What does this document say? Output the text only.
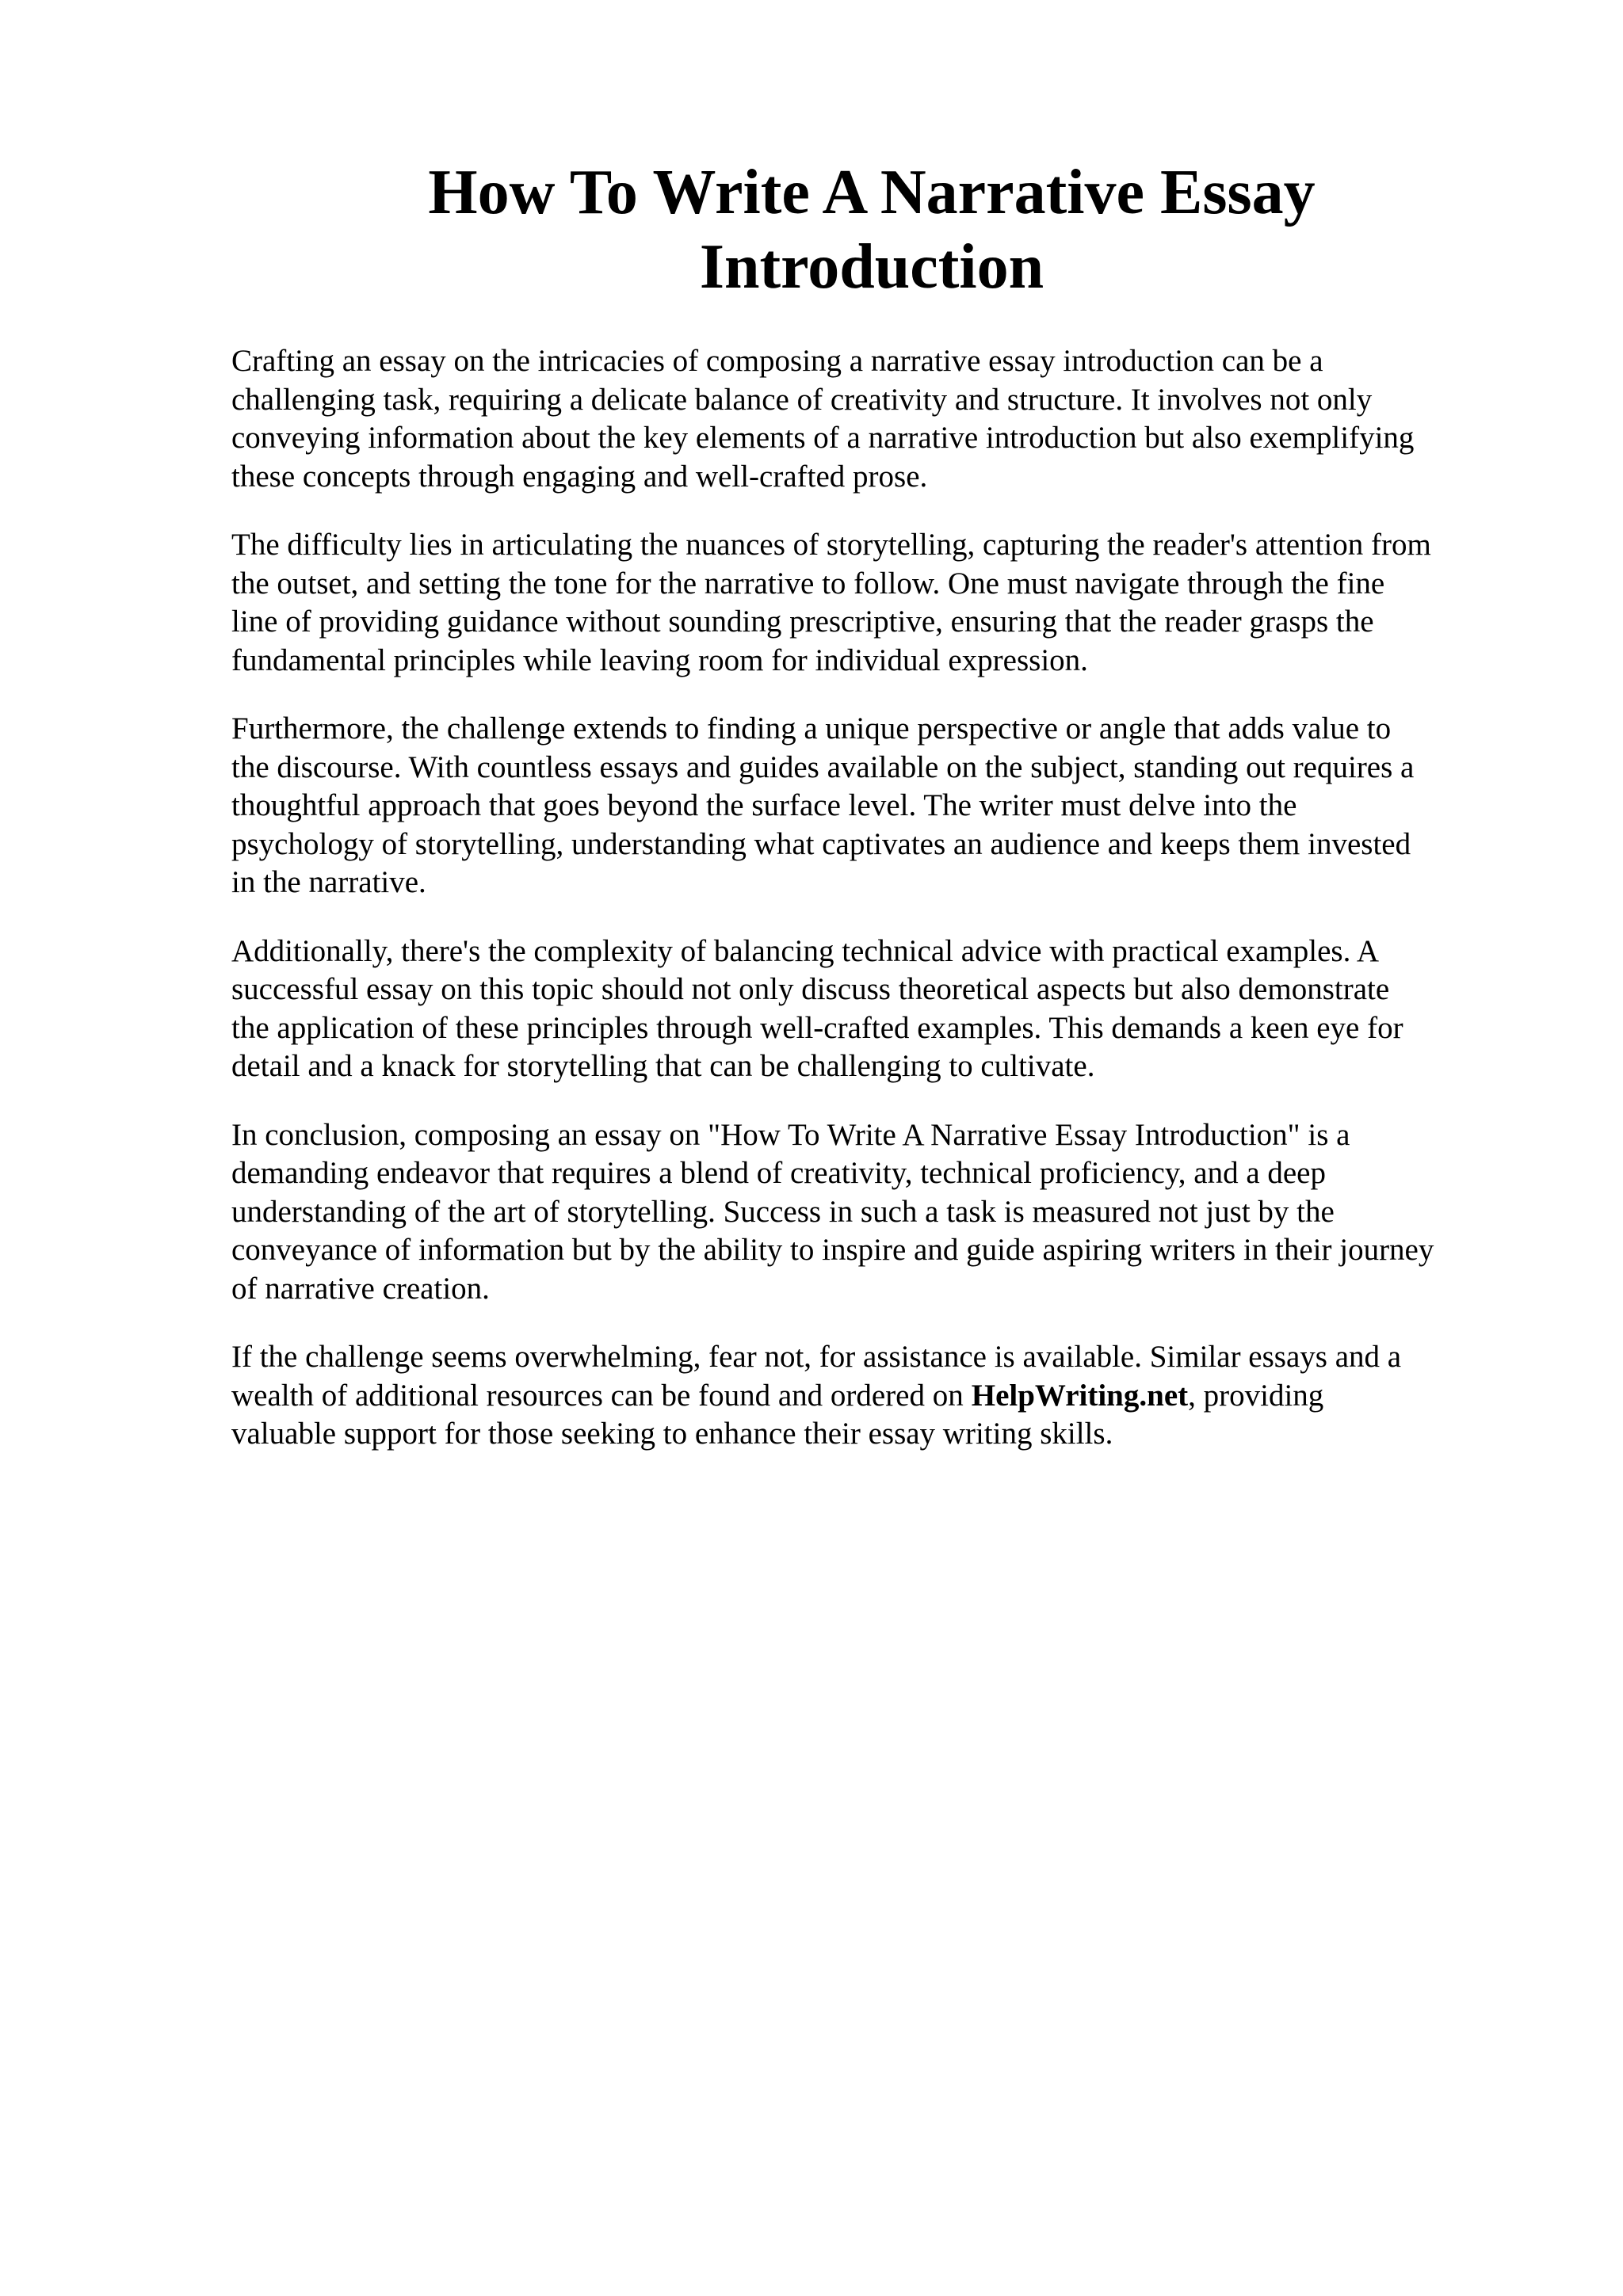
How To Write A Narrative Essay
Introduction

Crafting an essay on the intricacies of composing a narrative essay introduction can be a
challenging task, requiring a delicate balance of creativity and structure. It involves not only
conveying information about the key elements of a narrative introduction but also exemplifying
these concepts through engaging and well-crafted prose.

The difficulty lies in articulating the nuances of storytelling, capturing the reader's attention from
the outset, and setting the tone for the narrative to follow. One must navigate through the fine
line of providing guidance without sounding prescriptive, ensuring that the reader grasps the
fundamental principles while leaving room for individual expression.

Furthermore, the challenge extends to finding a unique perspective or angle that adds value to
the discourse. With countless essays and guides available on the subject, standing out requires a
thoughtful approach that goes beyond the surface level. The writer must delve into the
psychology of storytelling, understanding what captivates an audience and keeps them invested
in the narrative.

Additionally, there's the complexity of balancing technical advice with practical examples. A
successful essay on this topic should not only discuss theoretical aspects but also demonstrate
the application of these principles through well-crafted examples. This demands a keen eye for
detail and a knack for storytelling that can be challenging to cultivate.

In conclusion, composing an essay on "How To Write A Narrative Essay Introduction" is a
demanding endeavor that requires a blend of creativity, technical proficiency, and a deep
understanding of the art of storytelling. Success in such a task is measured not just by the
conveyance of information but by the ability to inspire and guide aspiring writers in their journey
of narrative creation.

If the challenge seems overwhelming, fear not, for assistance is available. Similar essays and a
wealth of additional resources can be found and ordered on HelpWriting.net, providing
valuable support for those seeking to enhance their essay writing skills.
